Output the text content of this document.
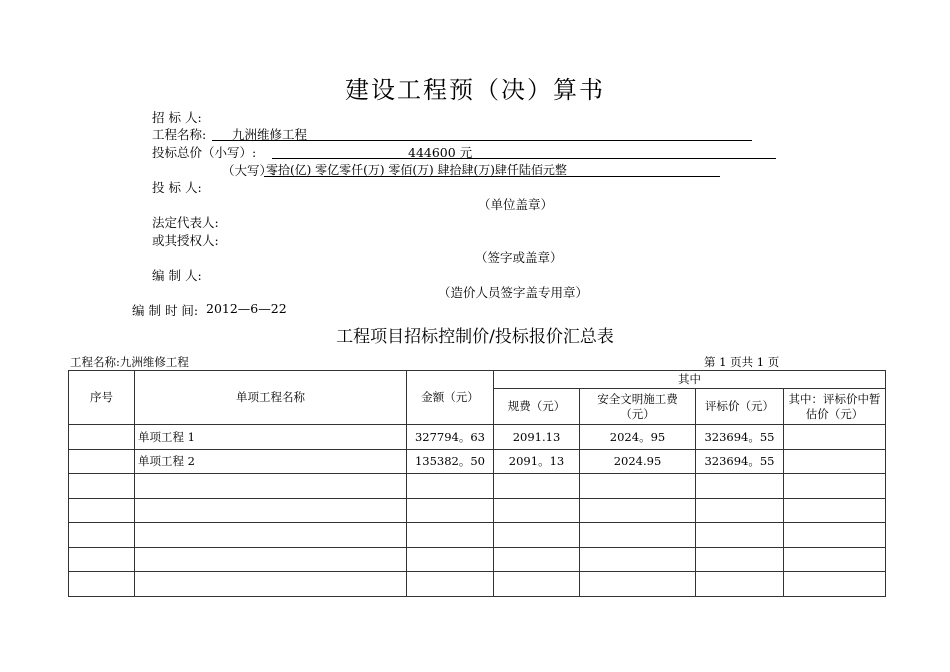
建设工程预（决）算书
招 标 人:
工程名称: 九洲维修工程
投标总价（小写）:	444600 元
（大写）:
零拾(亿) 零亿零仟(万) 零佰(万) 肆拾肆(万)肆仟陆佰元整
投 标 人:
（单位盖章）
法定代表人:
或其授权人:
（签字或盖章）
编 制 人:
（造价人员签字盖专用章）
编 制 时 间: 2012—6—22
工程项目招标控制价/投标报价汇总表
工程名称:九洲维修工程	第 1 页共 1 页
序号	单项工程名称	金额（元）	其中			
			规费（元）	安全文明施工费（元）	评标价（元）	其中：评标价中暂估价（元）
	单项工程 1	327794。63	2091.13	2024。95	323694。55	
	单项工程 2	135382。50	2091。13	2024.95	323694。55	
